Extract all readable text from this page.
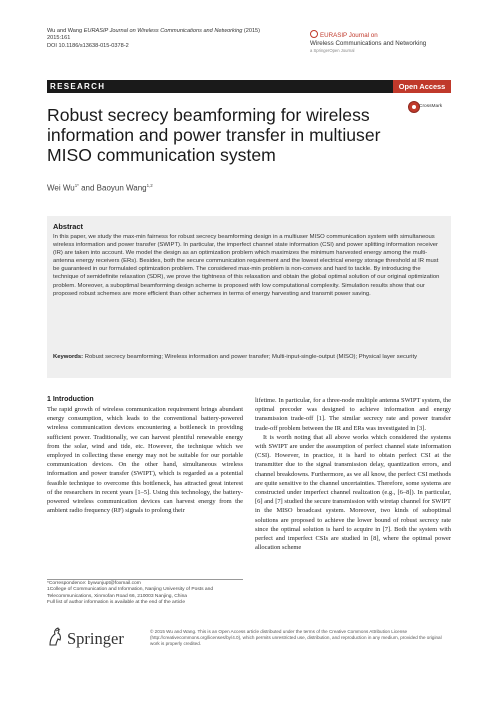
Wu and Wang EURASIP Journal on Wireless Communications and Networking (2015) 2015:161
DOI 10.1186/s13638-015-0378-2
EURASIP Journal on
Wireless Communications and Networking
a SpringerOpen Journal
RESEARCH	Open Access
CrossMark
Robust secrecy beamforming for wireless information and power transfer in multiuser MISO communication system
Wei $Wu^{1*}$ and Baoyun Wang$^{1,2}$
Abstract

In this paper, we study the max-min fairness for robust secrecy beamforming design in a multiuser MISO communication system with simultaneous wireless information and power transfer (SWIPT). In particular, the imperfect channel state information (CSI) and power splitting information receiver (IR) are taken into account. We model the design as an optimization problem which maximizes the minimum harvested energy among the multi-antenna energy receivers (ERs). Besides, both the secure communication requirement and the lowest electrical energy storage threshold at IR must be guaranteed in our formulated optimization problem. The considered max-min problem is non-convex and hard to tackle. By introducing the technique of semidefinite relaxation (SDR), we prove the tightness of this relaxation and obtain the global optimal solution of our original optimization problem. Moreover, a suboptimal beamforming design scheme is proposed with low computational complexity. Simulation results show that our proposed robust schemes are more efficient than other schemes in terms of energy harvesting and transmit power saving.

Keywords: Robust secrecy beamforming; Wireless information and power transfer; Multi-input-single-output (MISO); Physical layer security

1 Introduction

The rapid growth of wireless communication requirement brings abundant energy consumption, which leads to the conventional battery-powered wireless communication devices encountering a bottleneck in providing sufficient power. Traditionally, we can harvest plentiful renewable energy from the solar, wind and tide, etc. However, the technique which we employed in collecting these energy may not be suitable for our portable communication devices. On the other hand, simultaneous wireless information and power transfer (SWIPT), which is regarded as a potential feasible technique to overcome this bottleneck, has attracted great interest of the researchers in recent years [1–5]. Using this technology, the battery-powered wireless communication devices can harvest energy from the ambient radio frequency (RF) signals to prolong their

lifetime. In particular, for a three-node multiple antenna SWIPT system, the optimal precoder was designed to achieve information and energy transmission trade-off [1]. The similar secrecy rate and power transfer trade-off problem between the IR and ERs was investigated in [3].

It is worth noting that all above works which considered the systems with SWIPT are under the assumption of perfect channel state information (CSI). However, in practice, it is hard to obtain perfect CSI at the transmitter due to the signal transmission delay, quantization errors, and channel breakdowns. Furthermore, as we all know, the perfect CSI methods are quite sensitive to the channel uncertainties. Therefore, some systems are constructed under imperfect channel realization (e.g., [6–8]). In particular, [6] and [7] studied the secure transmission with wiretap channel for SWIPT in the MISO broadcast system. Moreover, two kinds of suboptimal solutions are proposed to achieve the lower bound of robust secrecy rate since the optimal solution is hard to acquire in [7]. Both the system with perfect and imperfect CSIs are studied in [8], where the optimal power allocation scheme

*Correspondence: bywunjupt@foxmail.com
1College of Communication and Information, Nanjing University of Posts and Telecommunications, Xinmofan Road 66, 210003 Nanjing, China
Full list of author information is available at the end of the article
Springer	© 2015 Wu and Wang. This is an Open Access article distributed under the terms of the Creative Commons Attribution License (http://creativecommons.org/licenses/by/4.0), which permits unrestricted use, distribution, and reproduction in any medium, provided the original work is properly credited.
